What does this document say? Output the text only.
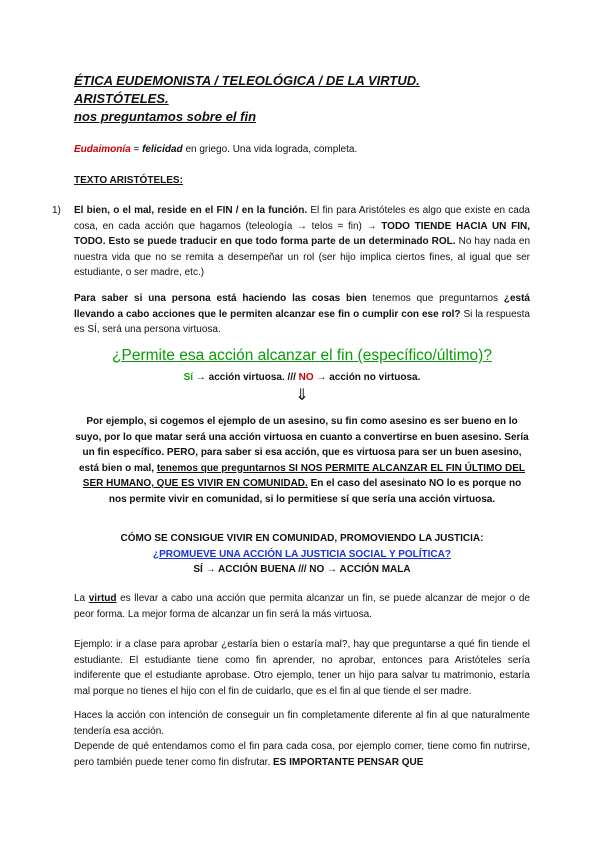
ÉTICA EUDEMONISTA / TELEOLÓGICA / DE LA VIRTUD.
ARISTÓTELES.
nos preguntamos sobre el fin
Eudaimonía = felicidad en griego. Una vida lograda, completa.
TEXTO ARISTÓTELES:
1) El bien, o el mal, reside en el FIN / en la función. El fin para Aristóteles es algo que existe en cada cosa, en cada acción que hagamos (teleología → telos = fin) → TODO TIENDE HACIA UN FIN, TODO. Esto se puede traducir en que todo forma parte de un determinado ROL. No hay nada en nuestra vida que no se remita a desempeñar un rol (ser hijo implica ciertos fines, al igual que ser estudiante, o ser madre, etc.)
Para saber si una persona está haciendo las cosas bien tenemos que preguntarnos ¿está llevando a cabo acciones que le permiten alcanzar ese fin o cumplir con ese rol? Si la respuesta es SÍ, será una persona virtuosa.
¿Permite esa acción alcanzar el fin (específico/último)?
Sí → acción virtuosa. /// NO → acción no virtuosa.
⇓
Por ejemplo, si cogemos el ejemplo de un asesino, su fin como asesino es ser bueno en lo suyo, por lo que matar será una acción virtuosa en cuanto a convertirse en buen asesino. Sería un fin específico. PERO, para saber si esa acción, que es virtuosa para ser un buen asesino, está bien o mal, tenemos que preguntarnos SI NOS PERMITE ALCANZAR EL FIN ÚLTIMO DEL SER HUMANO, QUE ES VIVIR EN COMUNIDAD. En el caso del asesinato NO lo es porque no nos permite vivir en comunidad, si lo permitiese sí que sería una acción virtuosa.
CÓMO SE CONSIGUE VIVIR EN COMUNIDAD, PROMOVIENDO LA JUSTICIA:
¿PROMUEVE UNA ACCIÓN LA JUSTICIA SOCIAL Y POLÍTICA?
SÍ → ACCIÓN BUENA /// NO → ACCIÓN MALA
La virtud es llevar a cabo una acción que permita alcanzar un fin, se puede alcanzar de mejor o de peor forma. La mejor forma de alcanzar un fin será la más virtuosa.
Ejemplo: ir a clase para aprobar ¿estaría bien o estaría mal?, hay que preguntarse a qué fin tiende el estudiante. El estudiante tiene como fin aprender, no aprobar, entonces para Aristóteles sería indiferente que el estudiante aprobase. Otro ejemplo, tener un hijo para salvar tu matrimonio, estaría mal porque no tienes el hijo con el fin de cuidarlo, que es el fin al que tiende el ser madre.
Haces la acción con intención de conseguir un fin completamente diferente al fin al que naturalmente tendería esa acción.
Depende de qué entendamos como el fin para cada cosa, por ejemplo comer, tiene como fin nutrirse, pero también puede tener como fin disfrutar. ES IMPORTANTE PENSAR QUE
